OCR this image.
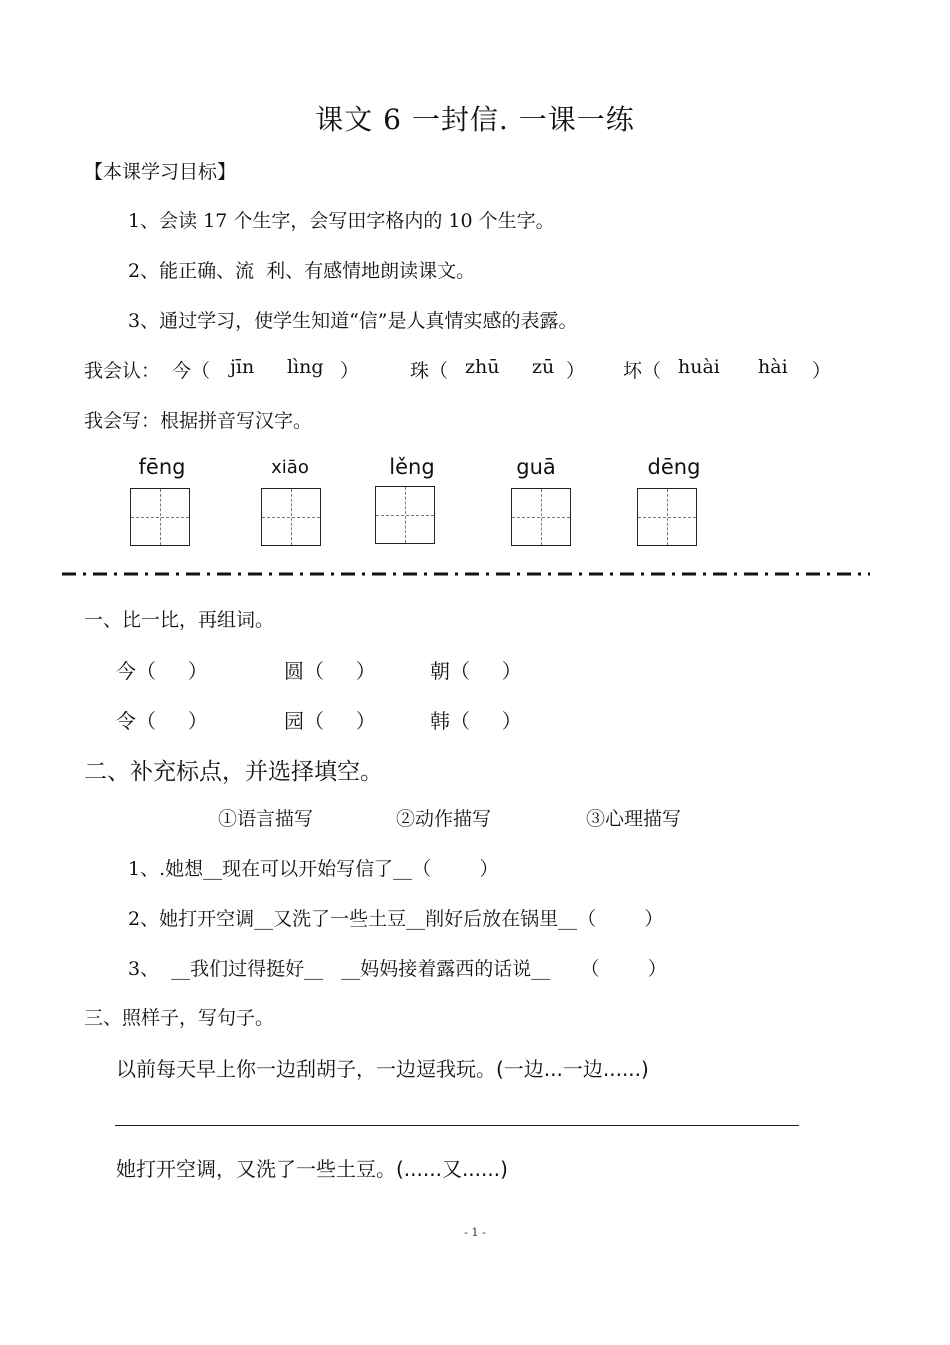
课文 6 一封信. 一课一练
【本课学习目标】
1、会读 17 个生字，会写田字格内的 10 个生字。
2、能正确、流  利、有感情地朗读课文。
3、通过学习，使学生知道“信”是人真情实感的表露。
我会认： 今（ jīn lìng ）	珠（ zhū zū ） 坏（ huài hài ）
我会写：根据拼音写汉字。
fēng	xiāo	lěng	guā	dēng
一、比一比，再组词。
今（     ）	圆（     ）	朝（     ）
令（     ）	园（     ）	韩（     ）
二、补充标点，并选择填空。
①语言描写	②动作描写	③心理描写
1、.她想__现在可以开始写信了__（        ）
2、她打开空调__又洗了一些土豆__削好后放在锅里__（        ）
3、  __我们过得挺好__   __妈妈接着露西的话说__     （        ）
三、照样子，写句子。
以前每天早上你一边刮胡子，一边逗我玩。(一边...一边......)
她打开空调，又洗了一些土豆。(......又......)
- 1 -
